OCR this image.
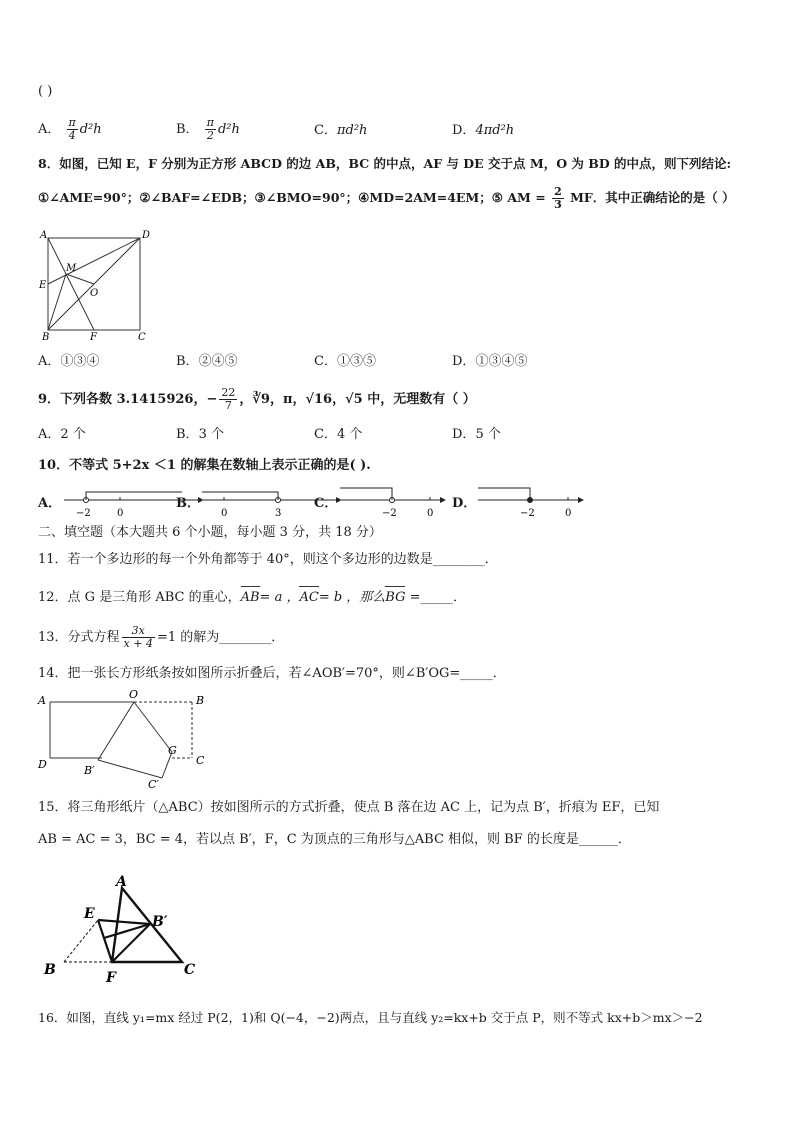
( )
A． $\frac{\pi}{4} d^2h$	B． $\frac{\pi}{2} d^2h$	C．πd²h	D．4πd²h
8．如图，已知 E，F 分别为正方形 ABCD 的边 AB，BC 的中点，AF 与 DE 交于点 M，O 为 BD 的中点，则下列结论:
①∠AME=90°；②∠BAF=∠EDB；③∠BMO=90°；④MD=2AM=4EM；⑤ AM = $\frac{2}{3}$ MF．其中正确结论的是（ ）
A	D
M
E
O
B	F	C
A．①③④	B．②④⑤	C．①③⑤	D．①③④⑤
9．下列各数 3.1415926，− $\frac{22}{7}$ ，∛9，π，√16，√5 中，无理数有（ ）
A．2 个	B．3 个	C．4 个	D．5 个
10．不等式 5+2x ＜1 的解集在数轴上表示正确的是( ).
A．
−2	0
B．
0	3
C．
−2	0
D．
−2	0
二、填空题（本大题共 6 个小题，每小题 3 分，共 18 分）
11．若一个多边形的每一个外角都等于 40°，则这个多边形的边数是________．
12．点 G 是三角形 ABC 的重心，AB= a ，AC= b ，那么BG =_____．
13．分式方程 $\frac{3x}{x + 4} =1$ 的解为________．
14．把一张长方形纸条按如图所示折叠后，若∠AOB′=70°，则∠B′OG=_____．
A	O	B
G
C
D	B′
C′
15．将三角形纸片（△ABC）按如图所示的方式折叠，使点 B 落在边 AC 上，记为点 B′，折痕为 EF，已知
AB = AC = 3，BC = 4，若以点 B′，F，C 为顶点的三角形与△ABC 相似，则 BF 的长度是______．
A
E	B′
B	F	C
16．如图，直线 y₁=mx 经过 P(2，1)和 Q(−4，−2)两点，且与直线 y₂=kx+b 交于点 P，则不等式 kx+b＞mx＞−2
